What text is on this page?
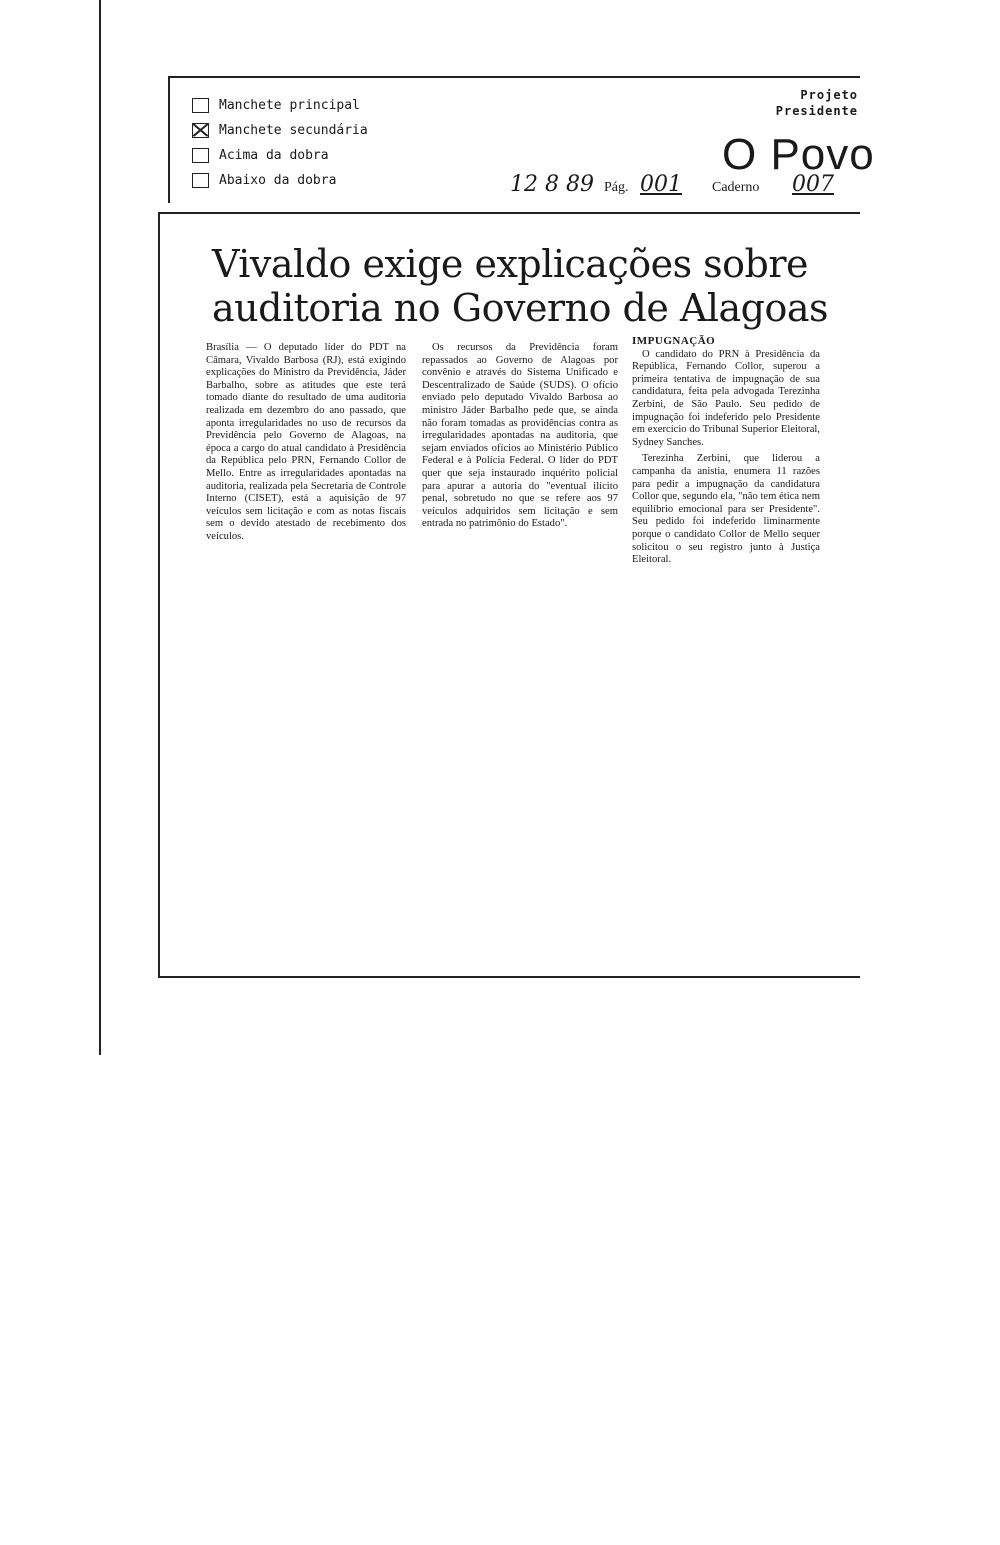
Manchete principal
Manchete secundária
Acima da dobra
Abaixo da dobra
Projeto
Presidente
O Povo
12 8 89 Pág. 001 Caderno 007
Vivaldo exige explicações sobre
auditoria no Governo de Alagoas

Brasília — O deputado líder do PDT na Câmara, Vivaldo Barbosa (RJ), está exigindo explicações do Ministro da Previdência, Jáder Barbalho, sobre as atitudes que este terá tomado diante do resultado de uma auditoria realizada em dezembro do ano passado, que aponta irregularidades no uso de recursos da Previdência pelo Governo de Alagoas, na época a cargo do atual candidato à Presidência da República pelo PRN, Fernando Collor de Mello. Entre as irregularidades apontadas na auditoria, realizada pela Secretaria de Controle Interno (CISET), está a aquisição de 97 veículos sem licitação e com as notas fiscais sem o devido atestado de recebimento dos veículos.

Os recursos da Previdência foram repassados ao Governo de Alagoas por convênio e através do Sistema Unificado e Descentralizado de Saúde (SUDS). O ofício enviado pelo deputado Vivaldo Barbosa ao ministro Jáder Barbalho pede que, se ainda não foram tomadas as providências contra as irregularidades apontadas na auditoria, que sejam enviados ofícios ao Ministério Público Federal e à Polícia Federal. O líder do PDT quer que seja instaurado inquérito policial para apurar a autoria do "eventual ilícito penal, sobretudo no que se refere aos 97 veículos adquiridos sem licitação e sem entrada no patrimônio do Estado".

IMPUGNAÇÃO

O candidato do PRN à Presidência da República, Fernando Collor, superou a primeira tentativa de impugnação de sua candidatura, feita pela advogada Terezinha Zerbini, de São Paulo. Seu pedido de impugnação foi indeferido pelo Presidente em exercício do Tribunal Superior Eleitoral, Sydney Sanches.

Terezinha Zerbini, que liderou a campanha da anistia, enumera 11 razões para pedir a impugnação da candidatura Collor que, segundo ela, "não tem ética nem equilíbrio emocional para ser Presidente". Seu pedido foi indeferido liminarmente porque o candidato Collor de Mello sequer solicitou o seu registro junto à Justiça Eleitoral.
